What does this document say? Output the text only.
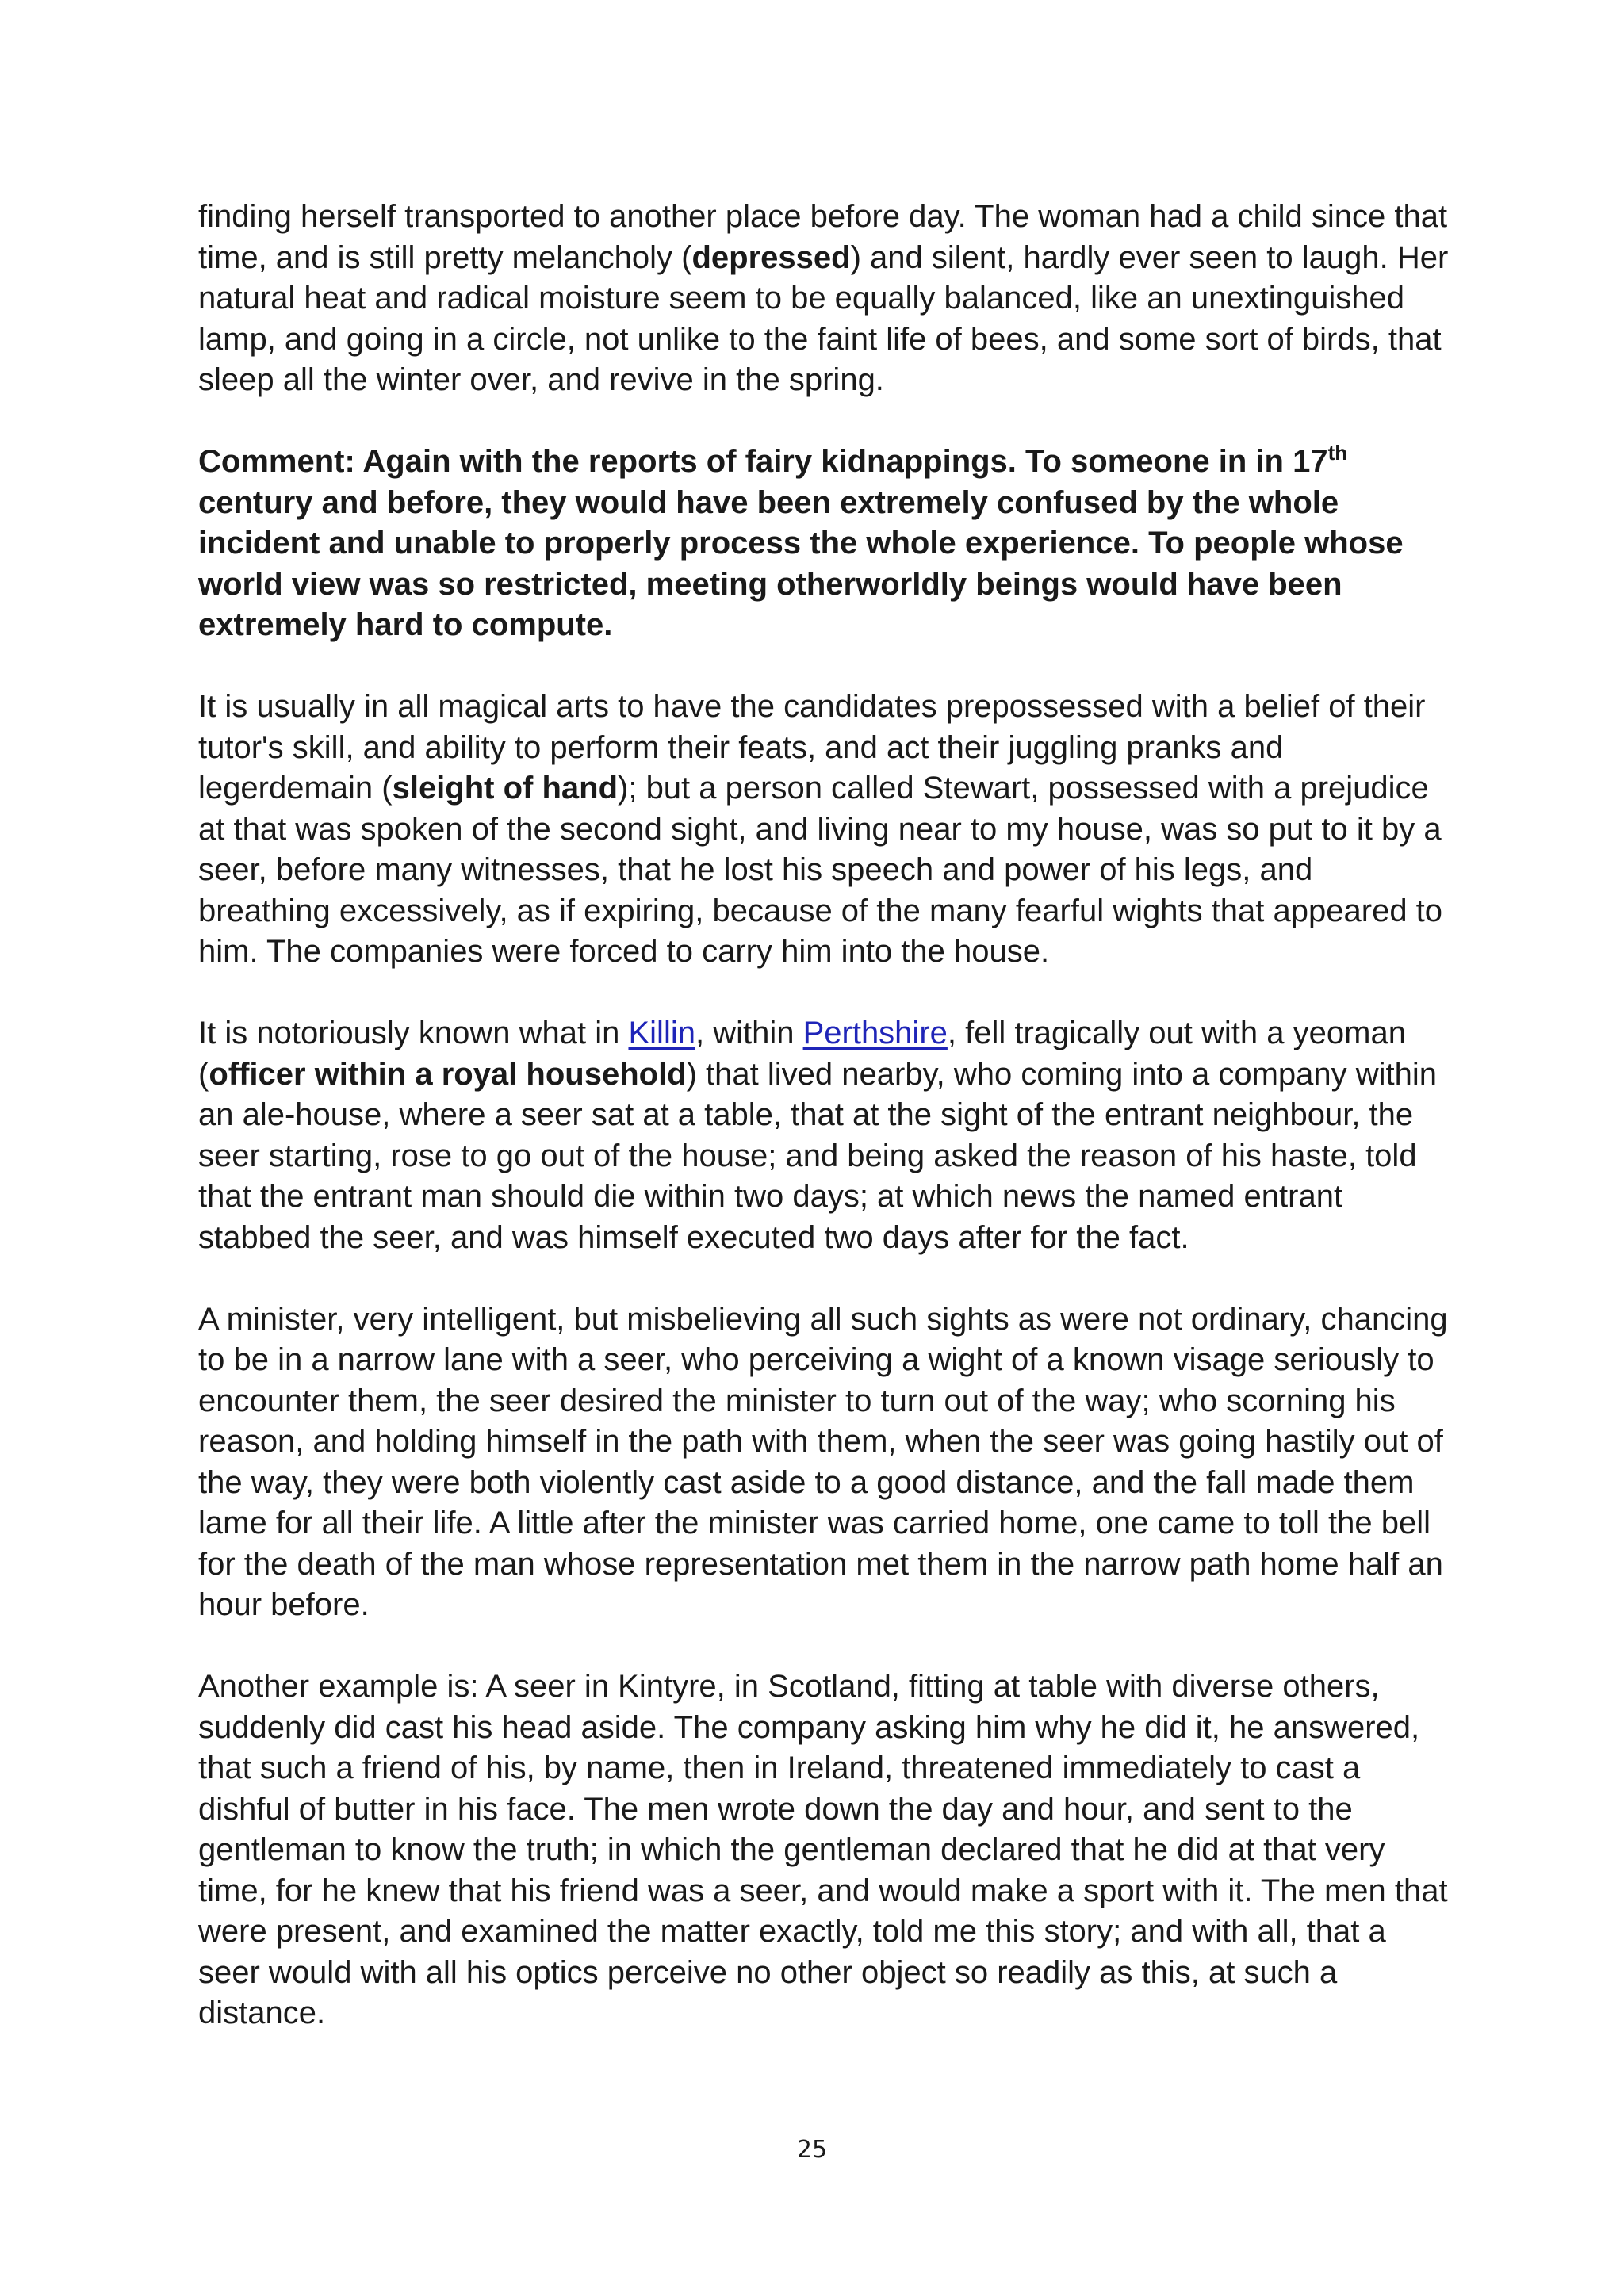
finding herself transported to another place before day. The woman had a child since that time, and is still pretty melancholy (depressed) and silent, hardly ever seen to laugh. Her natural heat and radical moisture seem to be equally balanced, like an unextinguished lamp, and going in a circle, not unlike to the faint life of bees, and some sort of birds, that sleep all the winter over, and revive in the spring.

Comment: Again with the reports of fairy kidnappings. To someone in in 17th century and before, they would have been extremely confused by the whole incident and unable to properly process the whole experience. To people whose world view was so restricted, meeting otherworldly beings would have been extremely hard to compute.

It is usually in all magical arts to have the candidates prepossessed with a belief of their tutor's skill, and ability to perform their feats, and act their juggling pranks and legerdemain (sleight of hand); but a person called Stewart, possessed with a prejudice at that was spoken of the second sight, and living near to my house, was so put to it by a seer, before many witnesses, that he lost his speech and power of his legs, and breathing excessively, as if expiring, because of the many fearful wights that appeared to him. The companies were forced to carry him into the house.

It is notoriously known what in Killin, within Perthshire, fell tragically out with a yeoman (officer within a royal household) that lived nearby, who coming into a company within an ale-house, where a seer sat at a table, that at the sight of the entrant neighbour, the seer starting, rose to go out of the house; and being asked the reason of his haste, told that the entrant man should die within two days; at which news the named entrant stabbed the seer, and was himself executed two days after for the fact.

A minister, very intelligent, but misbelieving all such sights as were not ordinary, chancing to be in a narrow lane with a seer, who perceiving a wight of a known visage seriously to encounter them, the seer desired the minister to turn out of the way; who scorning his reason, and holding himself in the path with them, when the seer was going hastily out of the way, they were both violently cast aside to a good distance, and the fall made them lame for all their life. A little after the minister was carried home, one came to toll the bell for the death of the man whose representation met them in the narrow path home half an hour before.

Another example is: A seer in Kintyre, in Scotland, fitting at table with diverse others, suddenly did cast his head aside. The company asking him why he did it, he answered, that such a friend of his, by name, then in Ireland, threatened immediately to cast a dishful of butter in his face. The men wrote down the day and hour, and sent to the gentleman to know the truth; in which the gentleman declared that he did at that very time, for he knew that his friend was a seer, and would make a sport with it. The men that were present, and examined the matter exactly, told me this story; and with all, that a seer would with all his optics perceive no other object so readily as this, at such a distance.

25
